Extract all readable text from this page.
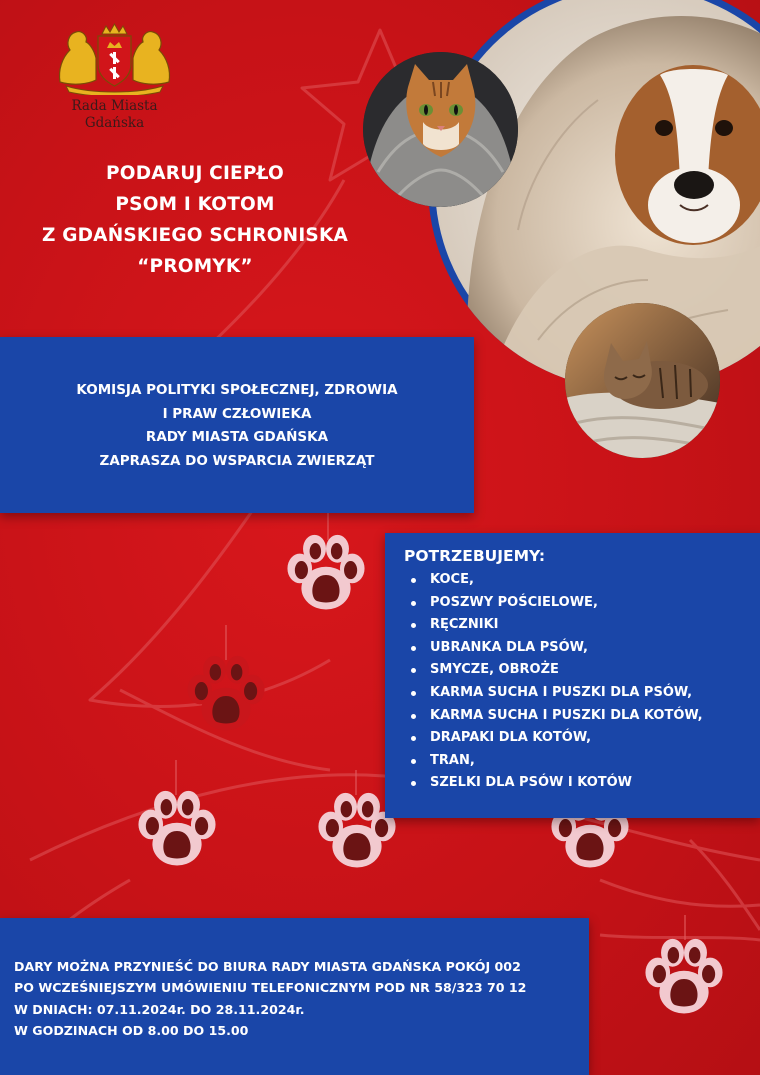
Rada Miasta
Gdańska
PODARUJ CIEPŁO
PSOM I KOTOM
Z GDAŃSKIEGO SCHRONISKA
“PROMYK”
KOMISJA POLITYKI SPOŁECZNEJ, ZDROWIA
I PRAW CZŁOWIEKA
RADY MIASTA GDAŃSKA
ZAPRASZA DO WSPARCIA ZWIERZĄT
POTRZEBUJEMY:
KOCE,
POSZWY POŚCIELOWE,
RĘCZNIKI
UBRANKA DLA PSÓW,
SMYCZE, OBROŻE
KARMA SUCHA I PUSZKI DLA PSÓW,
KARMA SUCHA I PUSZKI DLA KOTÓW,
DRAPAKI DLA KOTÓW,
TRAN,
SZELKI DLA PSÓW I KOTÓW
DARY MOŻNA PRZYNIEŚĆ DO BIURA RADY MIASTA GDAŃSKA POKÓJ 002
PO WCZEŚNIEJSZYM UMÓWIENIU TELEFONICZNYM POD NR 58/323 70 12
W DNIACH: 07.11.2024r. DO 28.11.2024r.
W GODZINACH OD 8.00 DO 15.00
